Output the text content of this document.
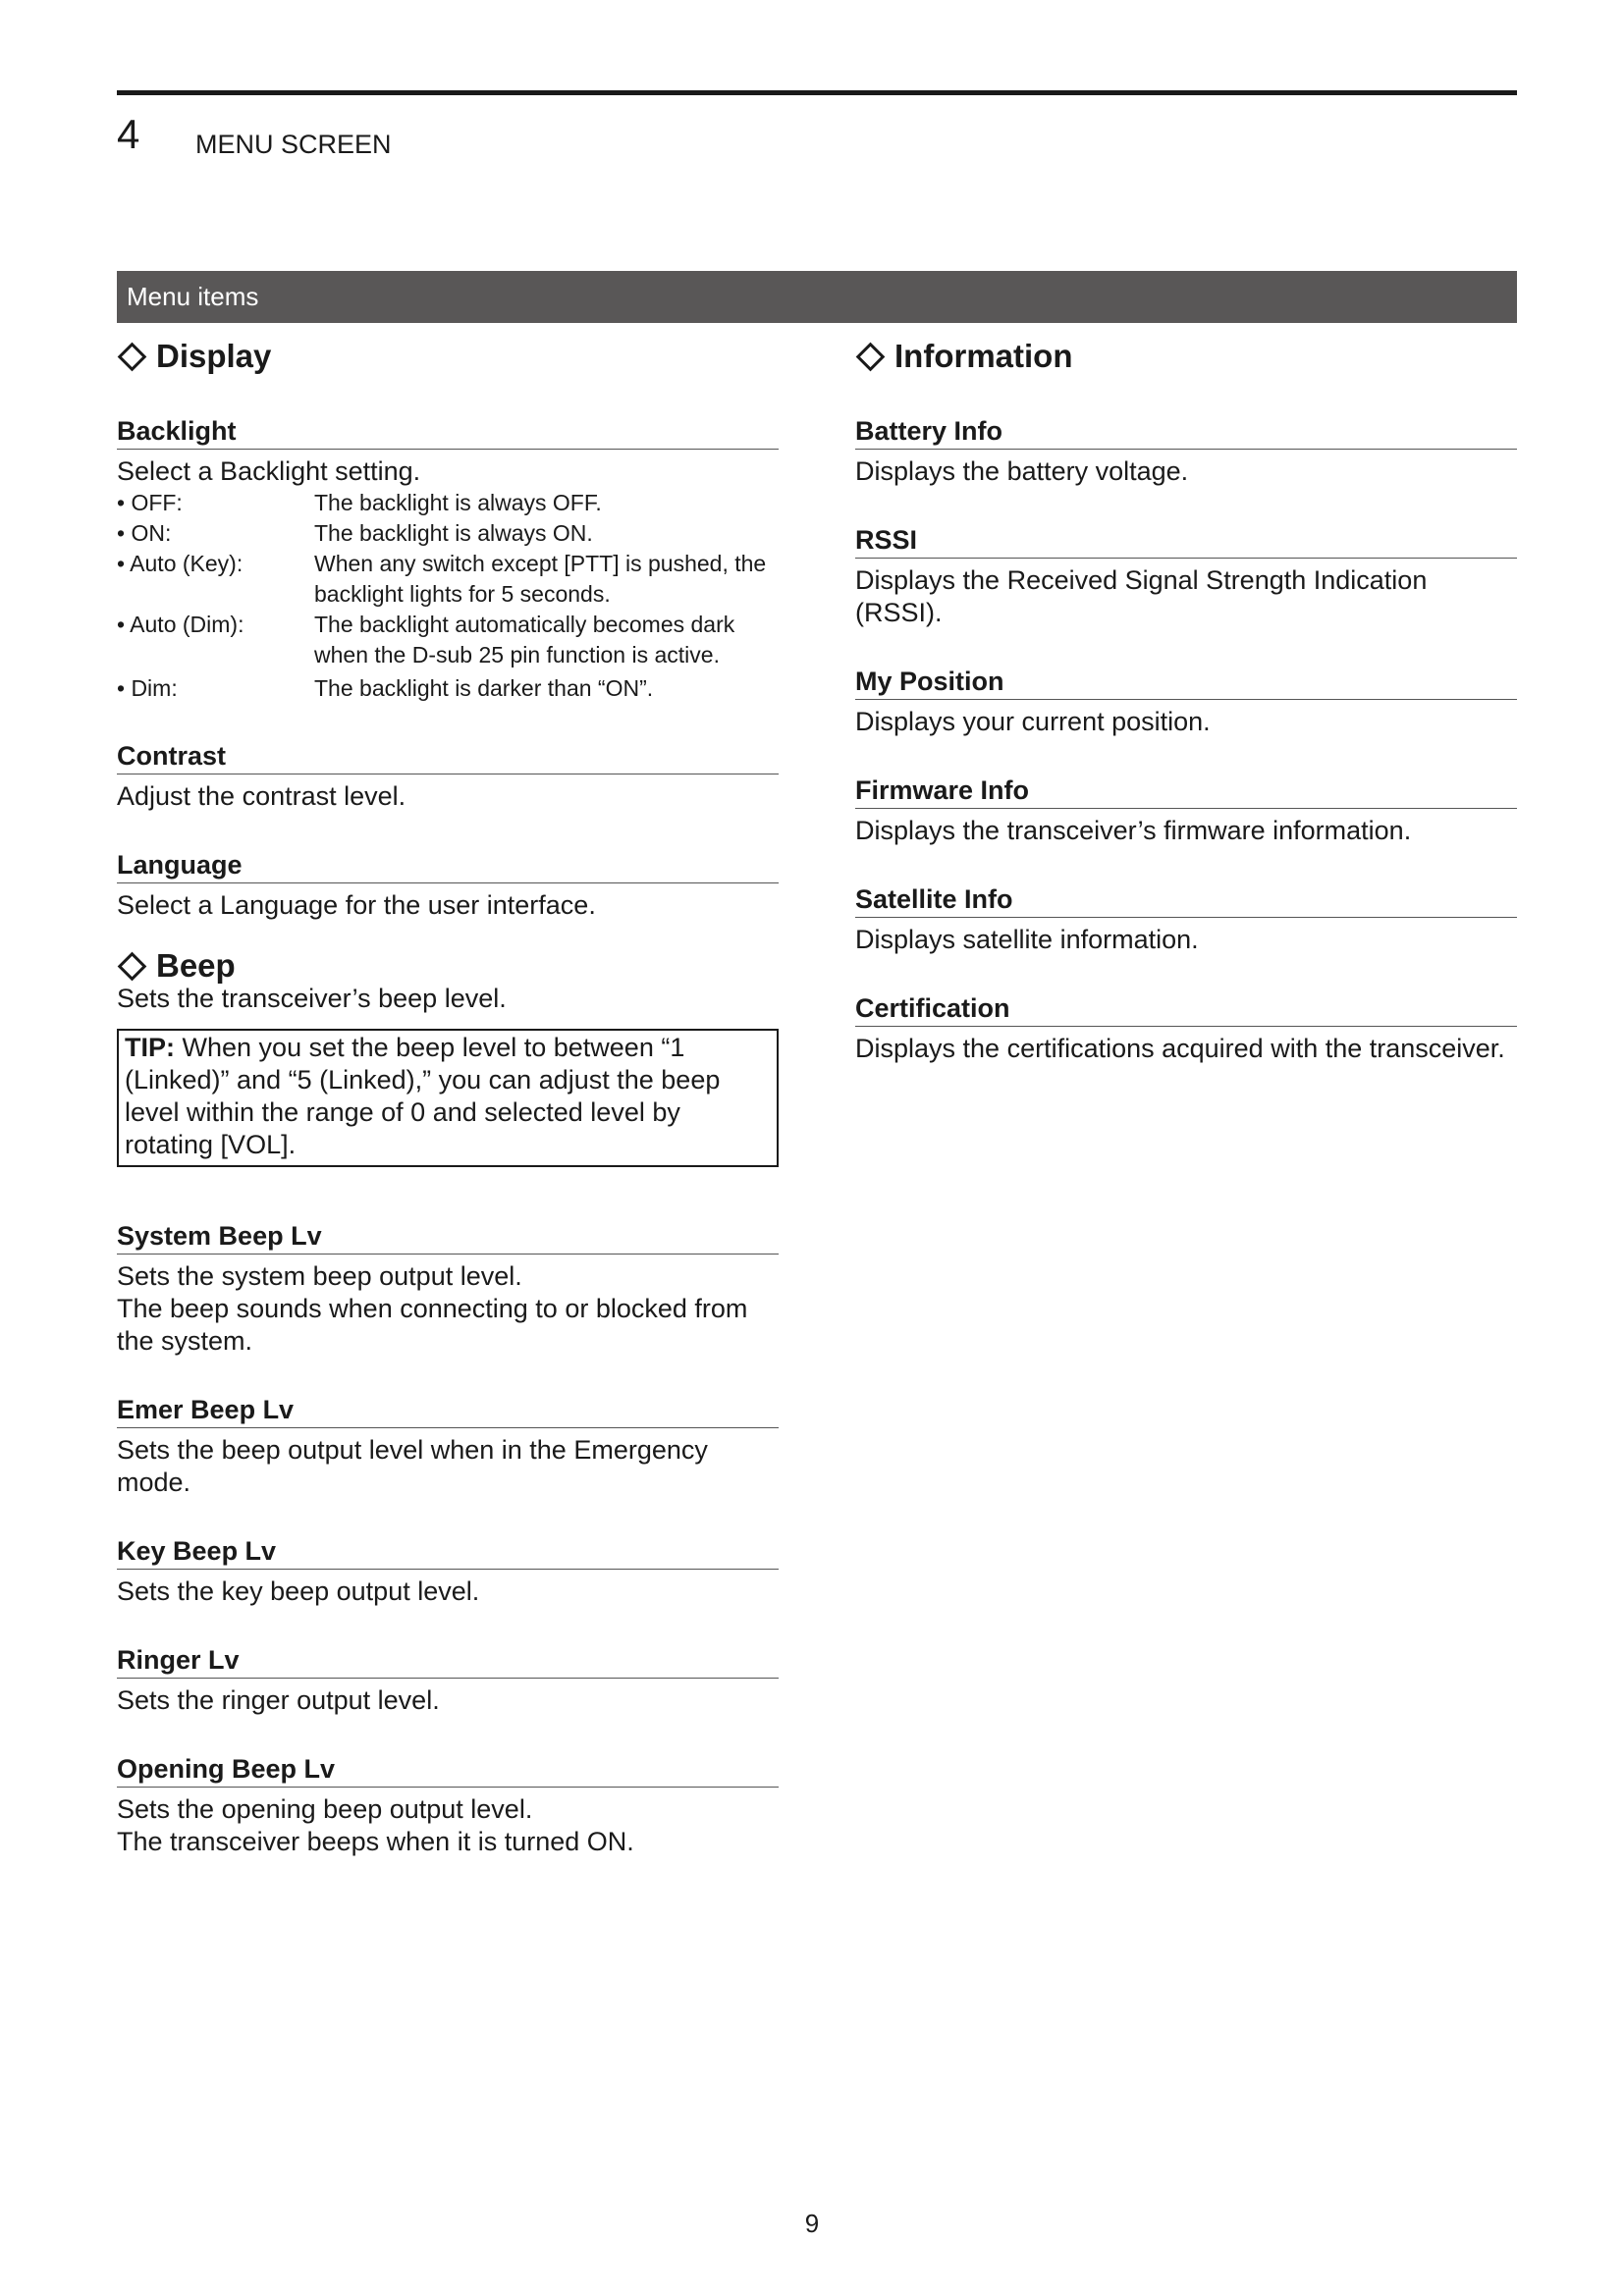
4 MENU SCREEN
Menu items
Display
Backlight
Select a Backlight setting.
• OFF:	The backlight is always OFF.
• ON:	The backlight is always ON.
• Auto (Key):	When any switch except [PTT] is pushed, the backlight lights for 5 seconds.
• Auto (Dim):	The backlight automatically becomes dark when the D-sub 25 pin function is active.
• Dim:	The backlight is darker than “ON”.
Contrast
Adjust the contrast level.
Language
Select a Language for the user interface.
Beep
Sets the transceiver’s beep level.
TIP: When you set the beep level to between “1 (Linked)” and “5 (Linked),” you can adjust the beep level within the range of 0 and selected level by rotating [VOL].
System Beep Lv
Sets the system beep output level.
The beep sounds when connecting to or blocked from the system.
Emer Beep Lv
Sets the beep output level when in the Emergency mode.
Key Beep Lv
Sets the key beep output level.
Ringer Lv
Sets the ringer output level.
Opening Beep Lv
Sets the opening beep output level.
The transceiver beeps when it is turned ON.
Information
Battery Info
Displays the battery voltage.
RSSI
Displays the Received Signal Strength Indication (RSSI).
My Position
Displays your current position.
Firmware Info
Displays the transceiver’s firmware information.
Satellite Info
Displays satellite information.
Certification
Displays the certifications acquired with the transceiver.
9
